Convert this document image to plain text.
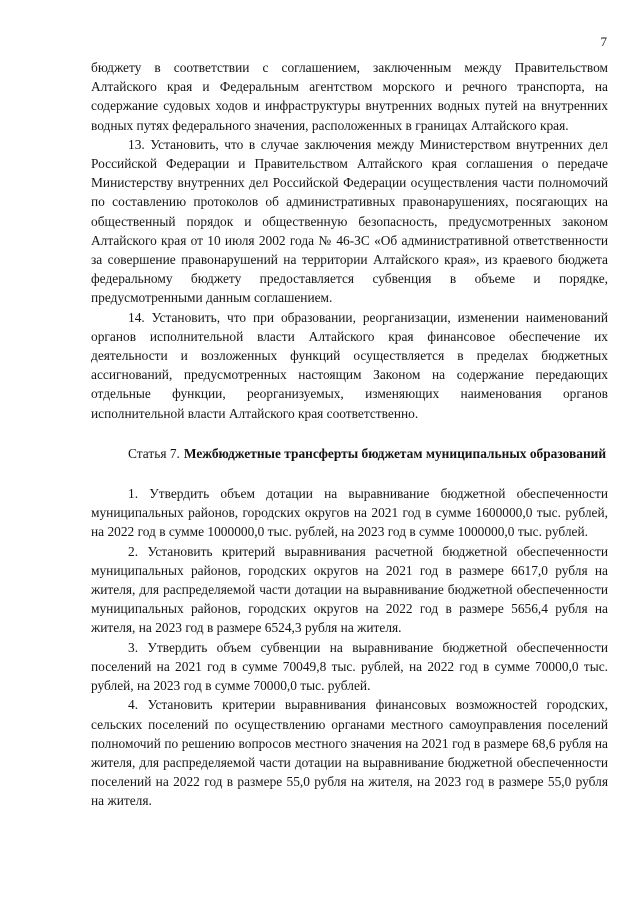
7

бюджету в соответствии с соглашением, заключенным между Правительством Алтайского края и Федеральным агентством морского и речного транспорта, на содержание судовых ходов и инфраструктуры внутренних водных путей на внутренних водных путях федерального значения, расположенных в границах Алтайского края.

13. Установить, что в случае заключения между Министерством внутренних дел Российской Федерации и Правительством Алтайского края соглашения о передаче Министерству внутренних дел Российской Федерации осуществления части полномочий по составлению протоколов об административных правонарушениях, посягающих на общественный порядок и общественную безопасность, предусмотренных законом Алтайского края от 10 июля 2002 года № 46-ЗС «Об административной ответственности за совершение правонарушений на территории Алтайского края», из краевого бюджета федеральному бюджету предоставляется субвенция в объеме и порядке, предусмотренными данным соглашением.

14. Установить, что при образовании, реорганизации, изменении наименований органов исполнительной власти Алтайского края финансовое обеспечение их деятельности и возложенных функций осуществляется в пределах бюджетных ассигнований, предусмотренных настоящим Законом на содержание передающих отдельные функции, реорганизуемых, изменяющих наименования органов исполнительной власти Алтайского края соответственно.

Статья 7. Межбюджетные трансферты бюджетам муниципальных образований

1. Утвердить объем дотации на выравнивание бюджетной обеспеченности муниципальных районов, городских округов на 2021 год в сумме 1600000,0 тыс. рублей, на 2022 год в сумме 1000000,0 тыс. рублей, на 2023 год в сумме 1000000,0 тыс. рублей.

2. Установить критерий выравнивания расчетной бюджетной обеспеченности муниципальных районов, городских округов на 2021 год в размере 6617,0 рубля на жителя, для распределяемой части дотации на выравнивание бюджетной обеспеченности муниципальных районов, городских округов на 2022 год в размере 5656,4 рубля на жителя, на 2023 год в размере 6524,3 рубля на жителя.

3. Утвердить объем субвенции на выравнивание бюджетной обеспеченности поселений на 2021 год в сумме 70049,8 тыс. рублей, на 2022 год в сумме 70000,0 тыс. рублей, на 2023 год в сумме 70000,0 тыс. рублей.

4. Установить критерии выравнивания финансовых возможностей городских, сельских поселений по осуществлению органами местного самоуправления поселений полномочий по решению вопросов местного значения на 2021 год в размере 68,6 рубля на жителя, для распределяемой части дотации на выравнивание бюджетной обеспеченности поселений на 2022 год в размере 55,0 рубля на жителя, на 2023 год в размере 55,0 рубля на жителя.
